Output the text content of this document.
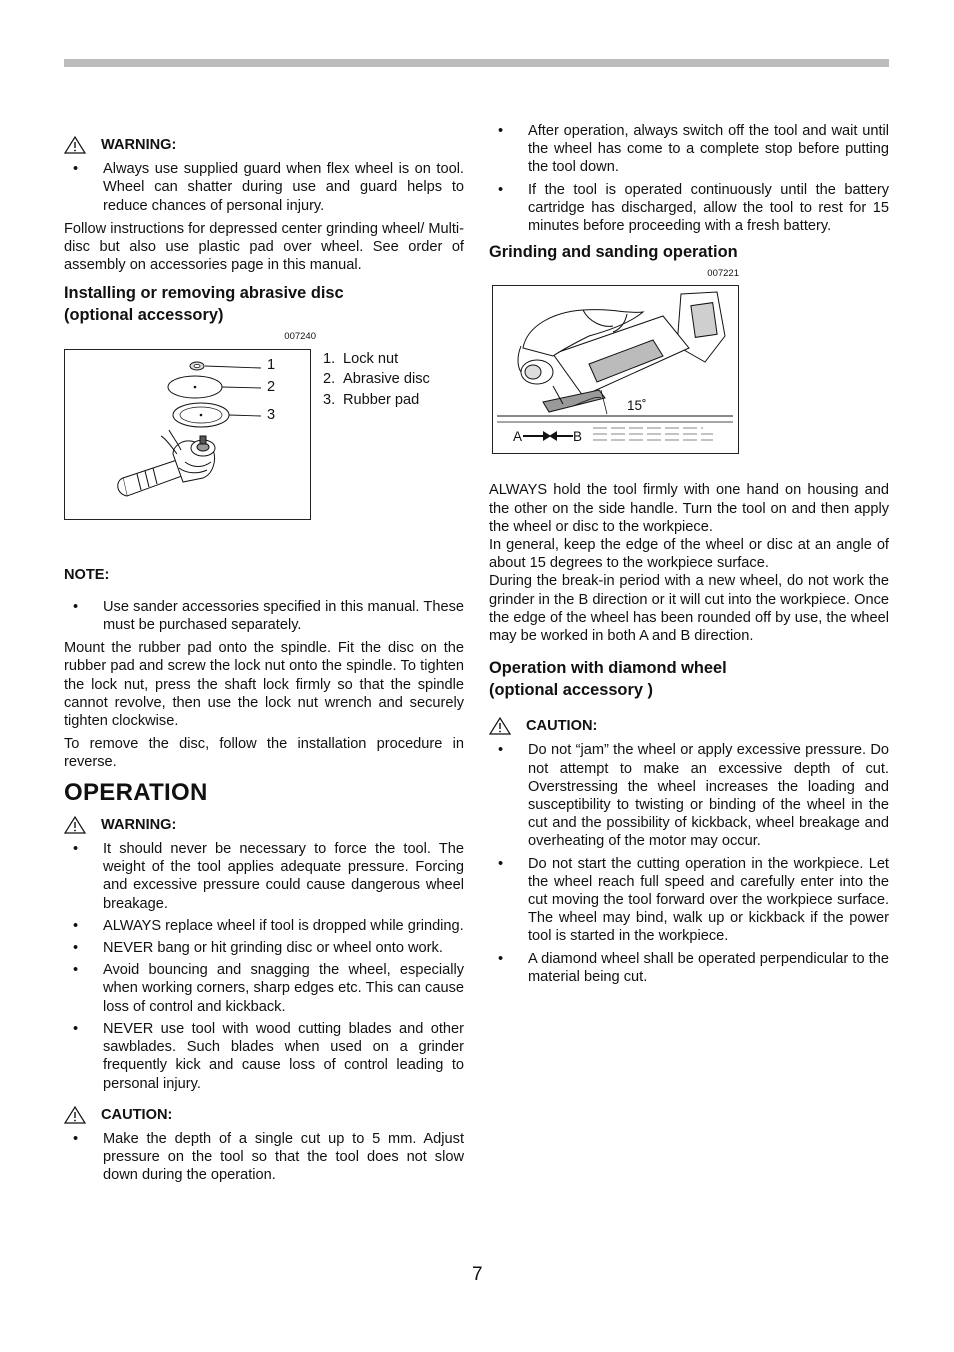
WARNING:
• Always use supplied guard when flex wheel is on tool. Wheel can shatter during use and guard helps to reduce chances of personal injury.

Follow instructions for depressed center grinding wheel/ Multi-disc but also use plastic pad over wheel. See order of assembly on accessories page in this manual.

Installing or removing abrasive disc
(optional accessory)
007240
1
2
3
1. Lock nut
2. Abrasive disc
3. Rubber pad
NOTE:
• Use sander accessories specified in this manual. These must be purchased separately.

Mount the rubber pad onto the spindle. Fit the disc on the rubber pad and screw the lock nut onto the spindle. To tighten the lock nut, press the shaft lock firmly so that the spindle cannot revolve, then use the lock nut wrench and securely tighten clockwise.

To remove the disc, follow the installation procedure in reverse.

OPERATION
WARNING:
• It should never be necessary to force the tool. The weight of the tool applies adequate pressure. Forcing and excessive pressure could cause dangerous wheel breakage.
• ALWAYS replace wheel if tool is dropped while grinding.
• NEVER bang or hit grinding disc or wheel onto work.
• Avoid bouncing and snagging the wheel, especially when working corners, sharp edges etc. This can cause loss of control and kickback.
• NEVER use tool with wood cutting blades and other sawblades. Such blades when used on a grinder frequently kick and cause loss of control leading to personal injury.
CAUTION:
• Make the depth of a single cut up to 5 mm. Adjust pressure on the tool so that the tool does not slow down during the operation.
• After operation, always switch off the tool and wait until the wheel has come to a complete stop before putting the tool down.
• If the tool is operated continuously until the battery cartridge has discharged, allow the tool to rest for 15 minutes before proceeding with a fresh battery.
Grinding and sanding operation
007221
15˚
A	B

ALWAYS hold the tool firmly with one hand on housing and the other on the side handle. Turn the tool on and then apply the wheel or disc to the workpiece.

In general, keep the edge of the wheel or disc at an angle of about 15 degrees to the workpiece surface.

During the break-in period with a new wheel, do not work the grinder in the B direction or it will cut into the workpiece. Once the edge of the wheel has been rounded off by use, the wheel may be worked in both A and B direction.

Operation with diamond wheel
(optional accessory )
CAUTION:
• Do not “jam” the wheel or apply excessive pressure. Do not attempt to make an excessive depth of cut. Overstressing the wheel increases the loading and susceptibility to twisting or binding of the wheel in the cut and the possibility of kickback, wheel breakage and overheating of the motor may occur.
• Do not start the cutting operation in the workpiece. Let the wheel reach full speed and carefully enter into the cut moving the tool forward over the workpiece surface. The wheel may bind, walk up or kickback if the power tool is started in the workpiece.
• A diamond wheel shall be operated perpendicular to the material being cut.
7
